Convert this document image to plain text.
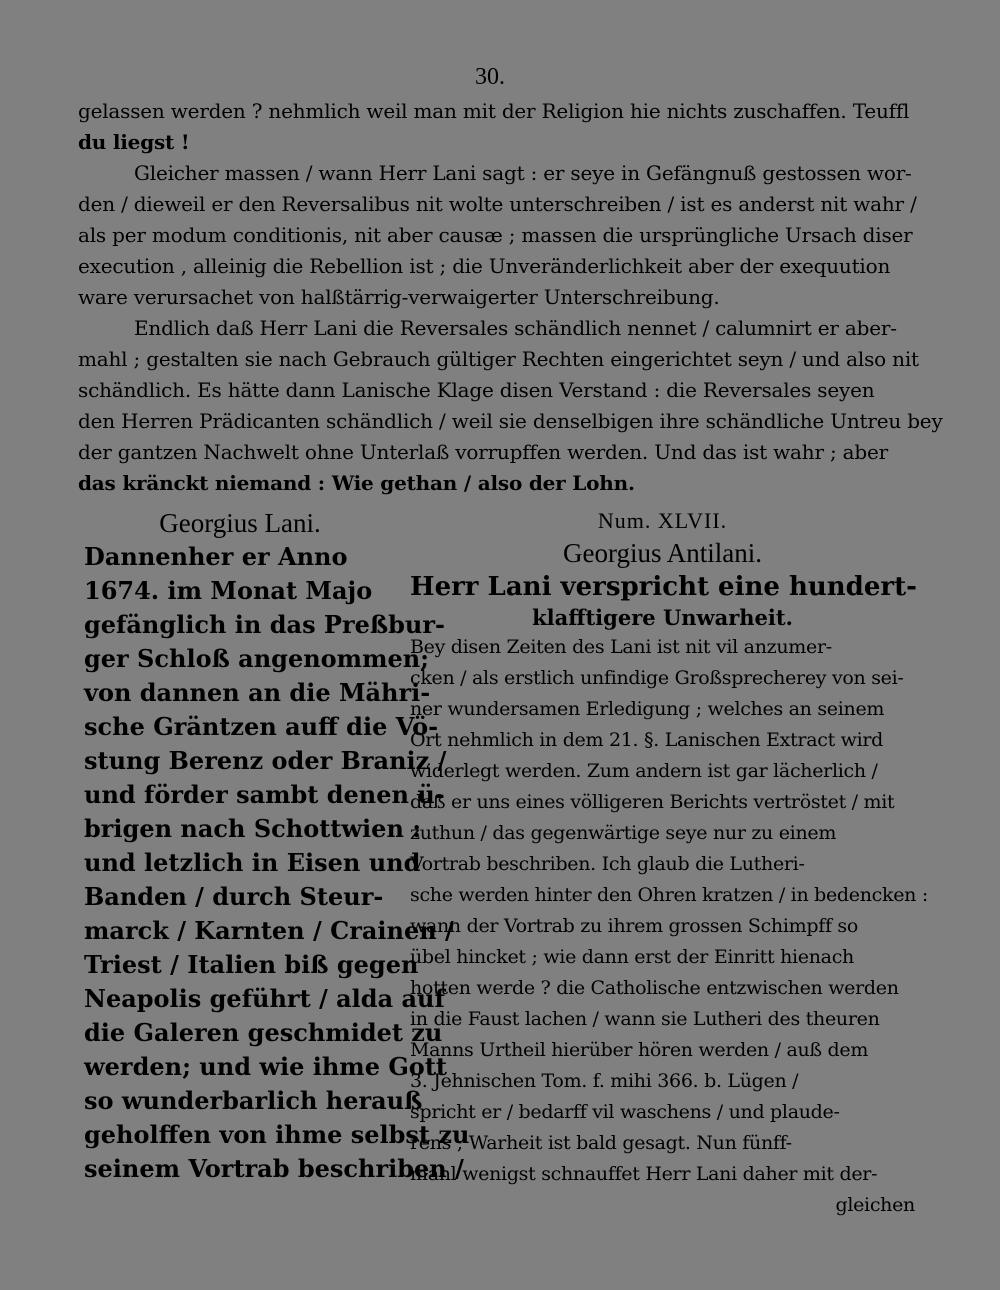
30.
gelassen werden ? nehmlich weil man mit der Religion hie nichts zuschaffen. Teuffl
du liegst !
Gleicher massen / wann Herr Lani sagt : er seye in Gefängnuß gestossen wor-
den / dieweil er den Reversalibus nit wolte unterschreiben / ist es anderst nit wahr /
als per modum conditionis, nit aber causæ ; massen die ursprüngliche Ursach diser
execution , alleinig die Rebellion ist ; die Unveränderlichkeit aber der exequution
ware verursachet von halßtärrig-verwaigerter Unterschreibung.
Endlich daß Herr Lani die Reversales schändlich nennet / calumnirt er aber-
mahl ; gestalten sie nach Gebrauch gültiger Rechten eingerichtet seyn / und also nit
schändlich. Es hätte dann Lanische Klage disen Verstand : die Reversales seyen
den Herren Prädicanten schändlich / weil sie denselbigen ihre schändliche Untreu bey
der gantzen Nachwelt ohne Unterlaß vorrupffen werden. Und das ist wahr ; aber
das kränckt niemand : Wie gethan / also der Lohn.
Georgius Lani.
Dannenher er Anno
1674. im Monat Majo
gefänglich in das Preßbur-
ger Schloß angenommen;
von dannen an die Mähri-
sche Gräntzen auff die Vö-
stung Berenz oder Braniz /
und förder sambt denen ü-
brigen nach Schottwien :
und letzlich in Eisen und
Banden / durch Steur-
marck / Karnten / Crainen /
Triest / Italien biß gegen
Neapolis geführt / alda auf
die Galeren geschmidet zu
werden; und wie ihme Gott
so wunderbarlich herauß
geholffen von ihme selbst zu
seinem Vortrab beschriben /
Num. XLVII.
Georgius Antilani.
Herr Lani verspricht eine hundert-
klafftigere Unwarheit.
Bey disen Zeiten des Lani ist nit vil anzumer-
cken / als erstlich unfindige Großsprecherey von sei-
ner wundersamen Erledigung ; welches an seinem
Ort nehmlich in dem 21. §. Lanischen Extract wird
widerlegt werden. Zum andern ist gar lächerlich /
daß er uns eines völligeren Berichts vertröstet / mit
zuthun / das gegenwärtige seye nur zu einem
Vortrab beschriben. Ich glaub die Lutheri-
sche werden hinter den Ohren kratzen / in bedencken :
wann der Vortrab zu ihrem grossen Schimpff so
übel hincket ; wie dann erst der Einritt hienach
hotten werde ? die Catholische entzwischen werden
in die Faust lachen / wann sie Lutheri des theuren
Manns Urtheil hierüber hören werden / auß dem
3. Jehnischen Tom. f. mihi 366. b. Lügen /
spricht er / bedarff vil waschens / und plaude-
rens ; Warheit ist bald gesagt. Nun fünff-
mahl wenigst schnauffet Herr Lani daher mit der-
gleichen
